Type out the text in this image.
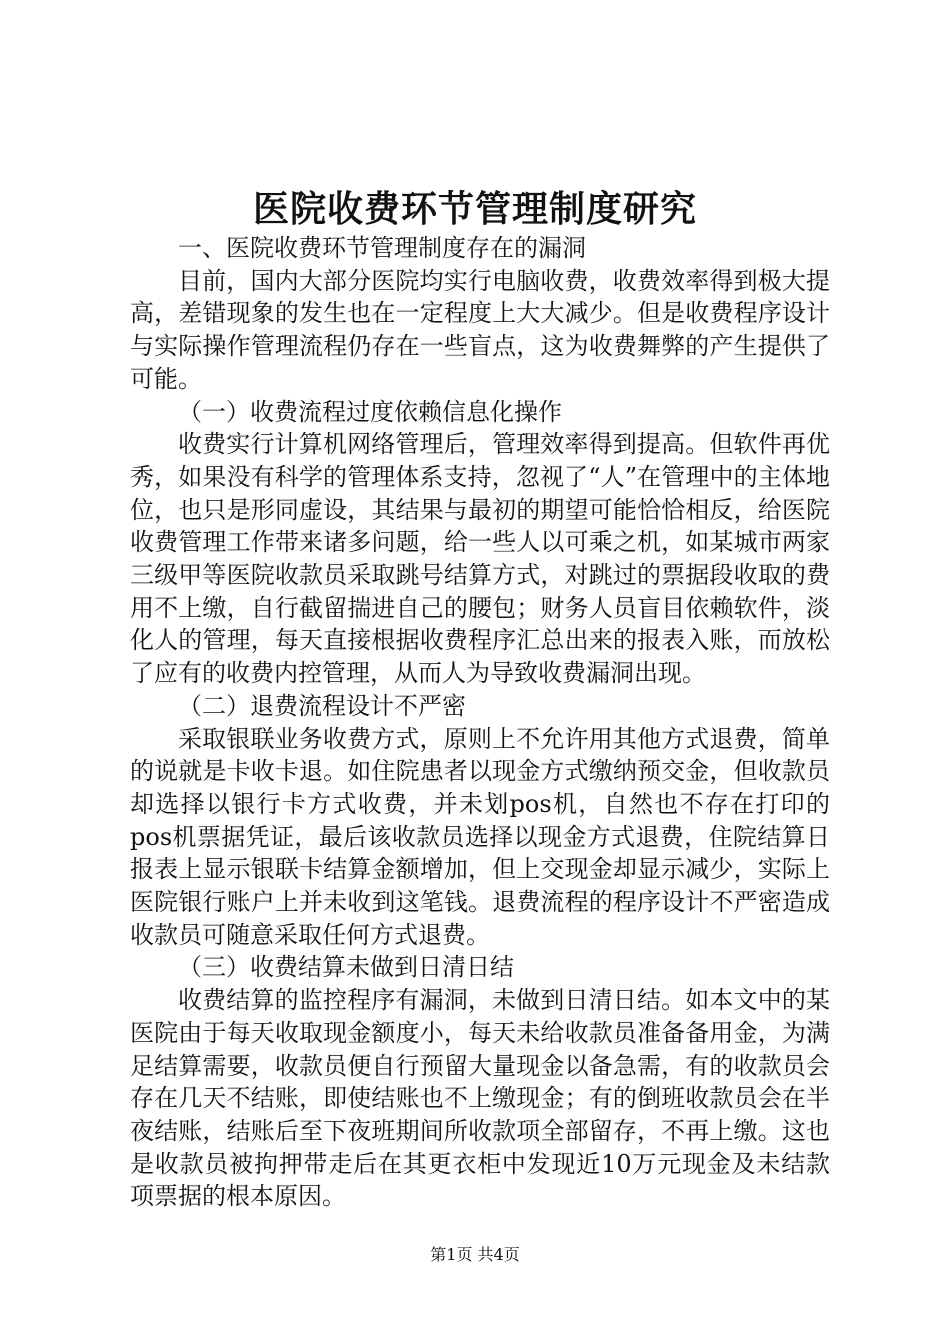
医院收费环节管理制度研究

一、医院收费环节管理制度存在的漏洞

目前，国内大部分医院均实行电脑收费，收费效率得到极大提高，差错现象的发生也在一定程度上大大减少。但是收费程序设计与实际操作管理流程仍存在一些盲点，这为收费舞弊的产生提供了可能。

（一）收费流程过度依赖信息化操作

收费实行计算机网络管理后，管理效率得到提高。但软件再优秀，如果没有科学的管理体系支持，忽视了“人”在管理中的主体地位，也只是形同虚设，其结果与最初的期望可能恰恰相反，给医院收费管理工作带来诸多问题，给一些人以可乘之机，如某城市两家三级甲等医院收款员采取跳号结算方式，对跳过的票据段收取的费用不上缴，自行截留揣进自己的腰包；财务人员盲目依赖软件，淡化人的管理，每天直接根据收费程序汇总出来的报表入账，而放松了应有的收费内控管理，从而人为导致收费漏洞出现。

（二）退费流程设计不严密

采取银联业务收费方式，原则上不允许用其他方式退费，简单的说就是卡收卡退。如住院患者以现金方式缴纳预交金，但收款员却选择以银行卡方式收费，并未划pos机，自然也不存在打印的pos机票据凭证，最后该收款员选择以现金方式退费，住院结算日报表上显示银联卡结算金额增加，但上交现金却显示减少，实际上医院银行账户上并未收到这笔钱。退费流程的程序设计不严密造成收款员可随意采取任何方式退费。

（三）收费结算未做到日清日结

收费结算的监控程序有漏洞，未做到日清日结。如本文中的某医院由于每天收取现金额度小，每天未给收款员准备备用金，为满足结算需要，收款员便自行预留大量现金以备急需，有的收款员会存在几天不结账，即使结账也不上缴现金；有的倒班收款员会在半夜结账，结账后至下夜班期间所收款项全部留存，不再上缴。这也是收款员被拘押带走后在其更衣柜中发现近10万元现金及未结款项票据的根本原因。

第1页 共4页
